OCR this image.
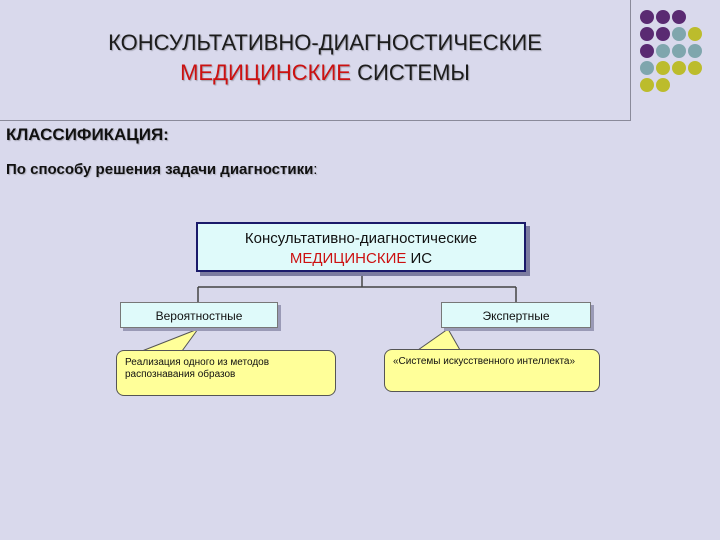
КОНСУЛЬТАТИВНО-ДИАГНОСТИЧЕСКИЕ
МЕДИЦИНСКИЕ СИСТЕМЫ
КЛАССИФИКАЦИЯ:
По способу решения задачи диагностики:
Консультативно-диагностические
МЕДИЦИНСКИЕ ИС
Вероятностные	Экспертные
Реализация одного из методов распознавания образов
«Системы искусственного интеллекта»
